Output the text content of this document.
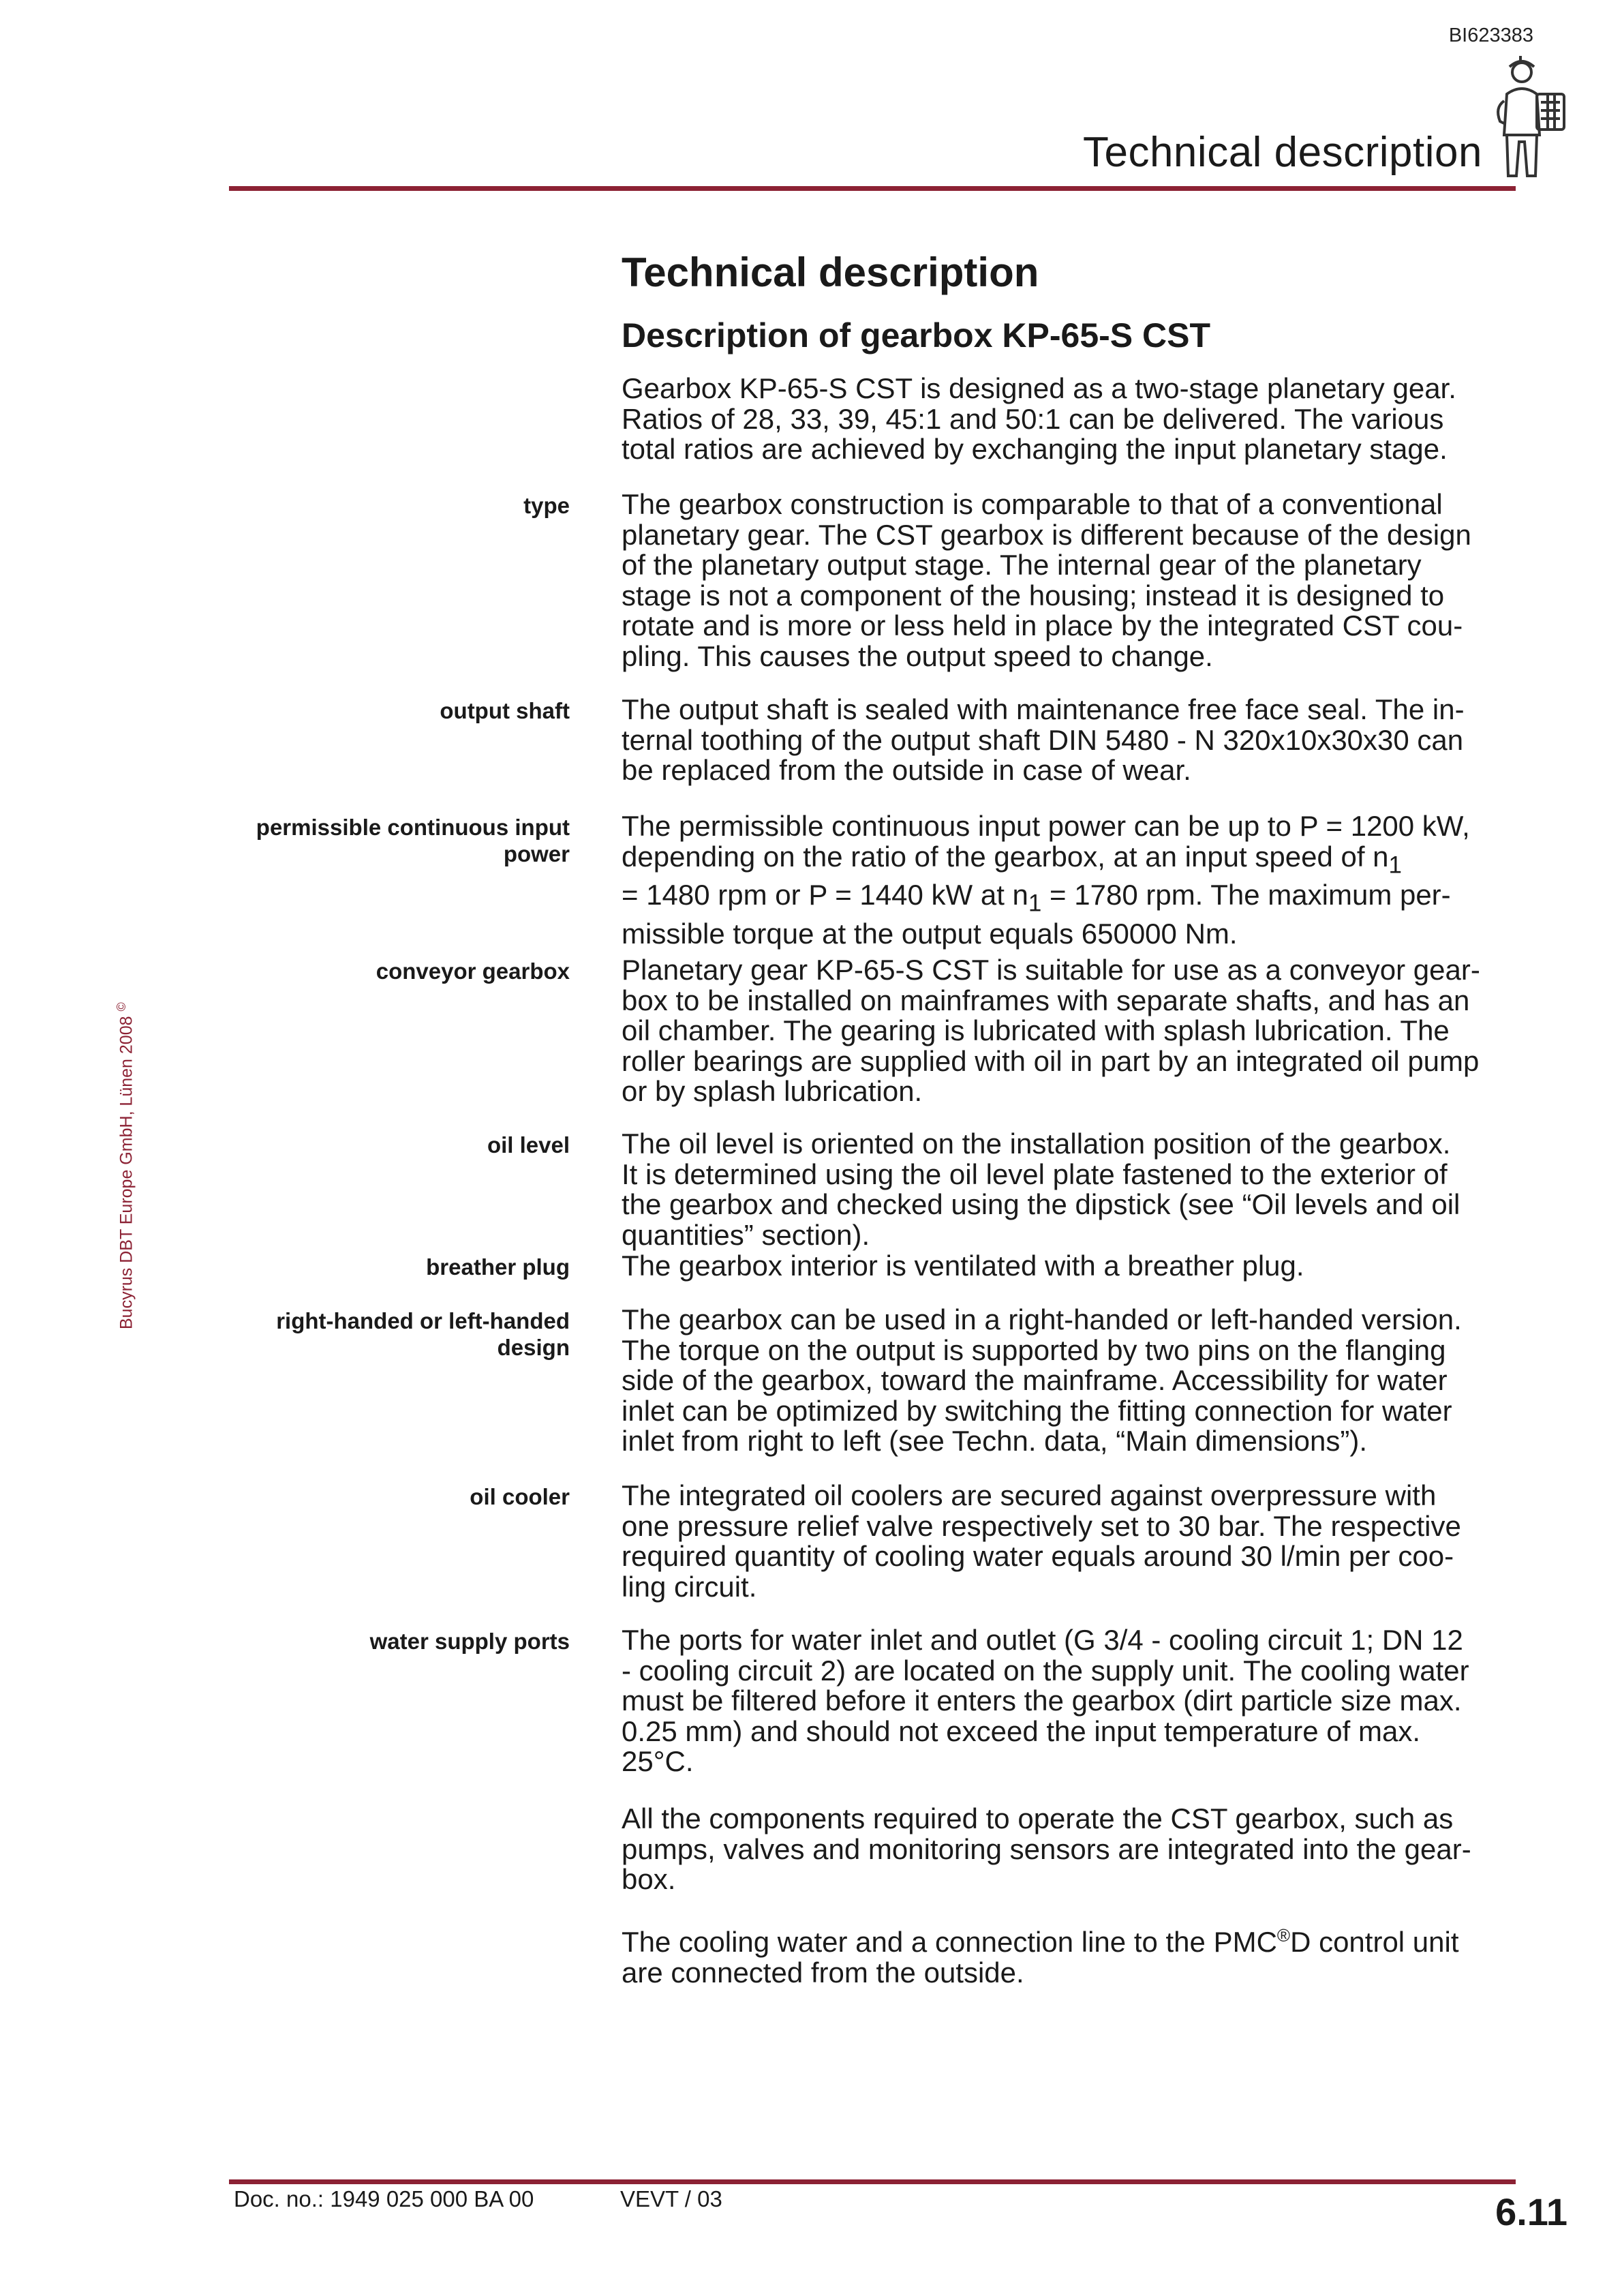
BI623383
Technical description
Bucyrus DBT Europe GmbH, Lünen 2008 ©
Technical description
Description of gearbox KP-65-S CST
Gearbox KP-65-S CST is designed as a two-stage planetary gear.
Ratios of 28, 33, 39, 45:1 and 50:1 can be delivered. The various
total ratios are achieved by exchanging the input planetary stage.
type The gearbox construction is comparable to that of a conventional
planetary gear. The CST gearbox is different because of the design
of the planetary output stage. The internal gear of the planetary
stage is not a component of the housing; instead it is designed to
rotate and is more or less held in place by the integrated CST cou-
pling. This causes the output speed to change.
output shaft The output shaft is sealed with maintenance free face seal. The in-
ternal toothing of the output shaft DIN 5480 - N 320x10x30x30 can
be replaced from the outside in case of wear.
permissible continuous input
power
The permissible continuous input power can be up to P = 1200 kW,
depending on the ratio of the gearbox, at an input speed of $n_1$
= 1480 rpm or P = 1440 kW at $n_1 = 1780$ rpm. The maximum per-
missible torque at the output equals 650000 Nm.
conveyor gearbox Planetary gear KP-65-S CST is suitable for use as a conveyor gear-
box to be installed on mainframes with separate shafts, and has an
oil chamber. The gearing is lubricated with splash lubrication. The
roller bearings are supplied with oil in part by an integrated oil pump
or by splash lubrication.
oil level The oil level is oriented on the installation position of the gearbox.
It is determined using the oil level plate fastened to the exterior of
the gearbox and checked using the dipstick (see “Oil levels and oil
quantities” section).
breather plug The gearbox interior is ventilated with a breather plug.
right-handed or left-handed
design
The gearbox can be used in a right-handed or left-handed version.
The torque on the output is supported by two pins on the flanging
side of the gearbox, toward the mainframe. Accessibility for water
inlet can be optimized by switching the fitting connection for water
inlet from right to left (see Techn. data, “Main dimensions”).
oil cooler The integrated oil coolers are secured against overpressure with
one pressure relief valve respectively set to 30 bar. The respective
required quantity of cooling water equals around 30 l/min per coo-
ling circuit.
water supply ports The ports for water inlet and outlet (G 3/4 - cooling circuit 1; DN 12
- cooling circuit 2) are located on the supply unit. The cooling water
must be filtered before it enters the gearbox (dirt particle size max.
0.25 mm) and should not exceed the input temperature of max.
25°C.
All the components required to operate the CST gearbox, such as
pumps, valves and monitoring sensors are integrated into the gear-
box.
The cooling water and a connection line to the PMC®D control unit
are connected from the outside.
Doc. no.: 1949 025 000 BA 00	VEVT / 03	6.11
